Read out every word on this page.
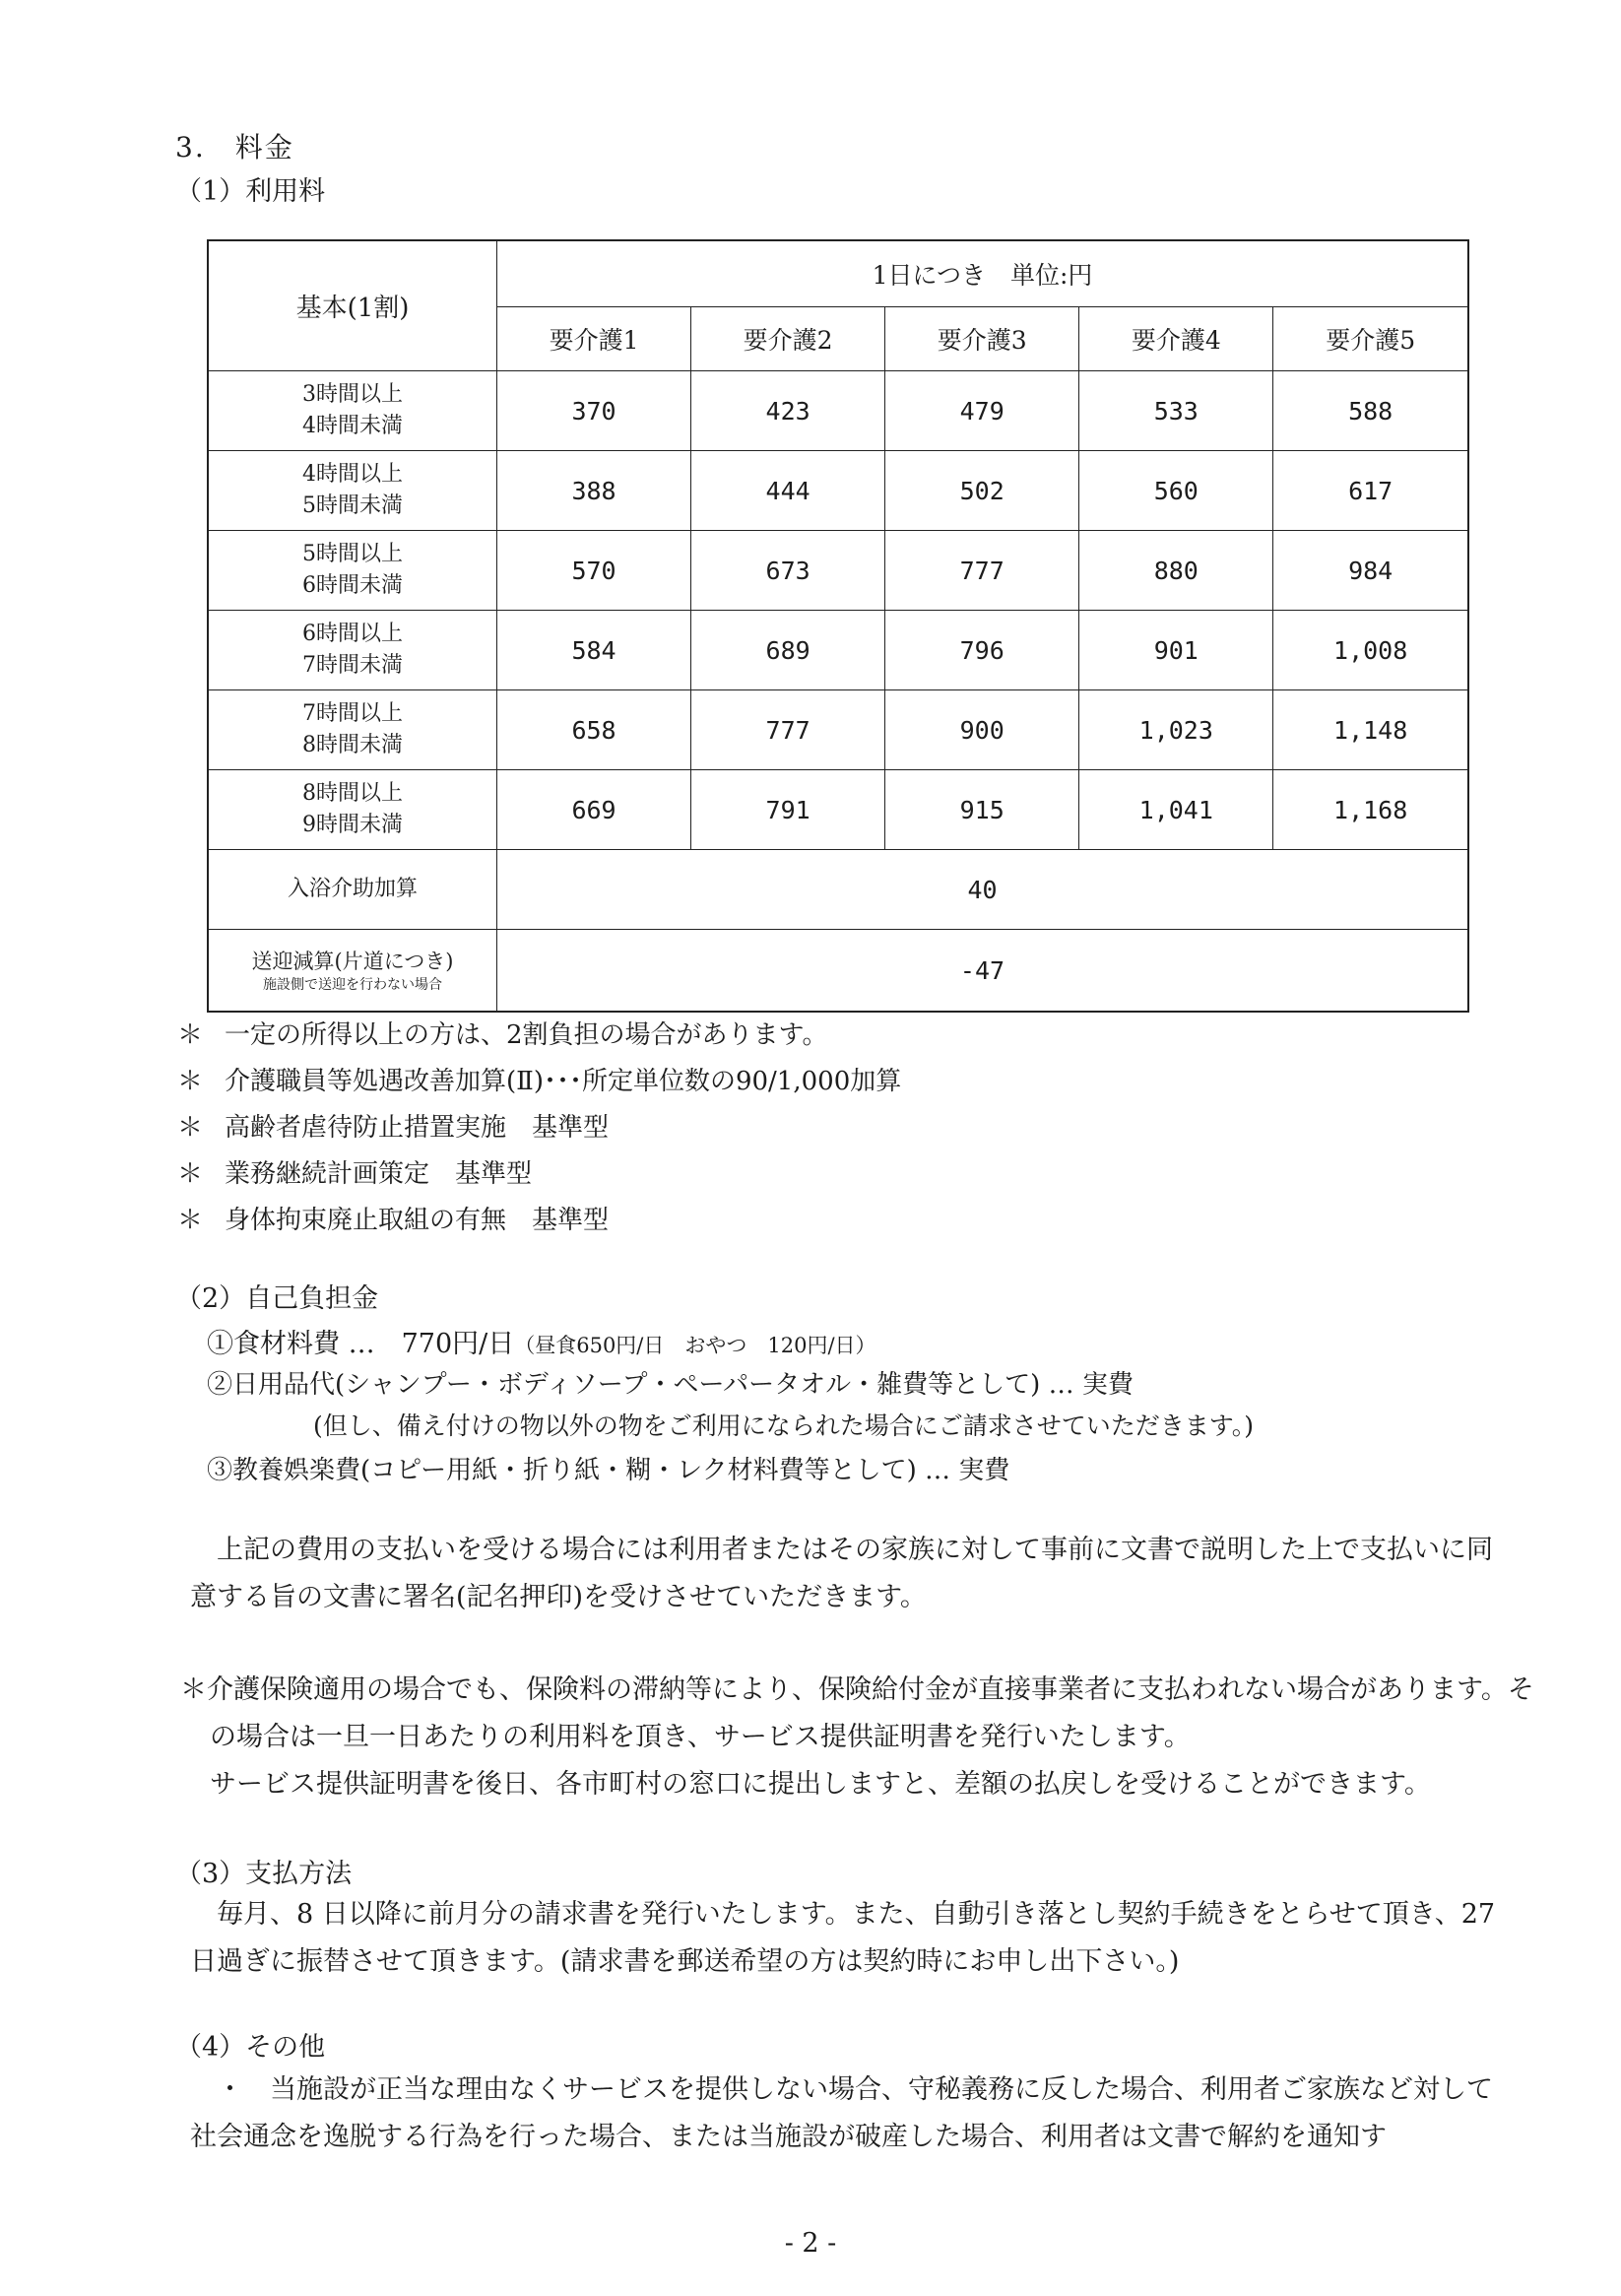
3.　料金
（1）利用料
基本(1割)	1日につき　単位:円				
	要介護1	要介護2	要介護3	要介護4	要介護5
3時間以上
4時間未満	370	423	479	533	588
4時間以上
5時間未満	388	444	502	560	617
5時間以上
6時間未満	570	673	777	880	984
6時間以上
7時間未満	584	689	796	901	1,008
7時間以上
8時間未満	658	777	900	1,023	1,148
8時間以上
9時間未満	669	791	915	1,041	1,168
入浴介助加算	40				

送迎減算(片道につき)
施設側で送迎を行わない場合	-47				
＊ 一定の所得以上の方は、2割負担の場合があります。
＊ 介護職員等処遇改善加算(Ⅱ)･･･所定単位数の90/1,000加算
＊ 高齢者虐待防止措置実施　基準型
＊ 業務継続計画策定　基準型
＊ 身体拘束廃止取組の有無　基準型
（2）自己負担金
①食材料費 …　770円/日（昼食650円/日　おやつ　120円/日）
②日用品代(シャンプー・ボディソープ・ペーパータオル・雑費等として) … 実費
(但し、備え付けの物以外の物をご利用になられた場合にご請求させていただきます。)
③教養娯楽費(コピー用紙・折り紙・糊・レク材料費等として) … 実費
上記の費用の支払いを受ける場合には利用者またはその家族に対して事前に文書で説明した上で支払いに同意する旨の文書に署名(記名押印)を受けさせていただきます。
＊介護保険適用の場合でも、保険料の滞納等により、保険給付金が直接事業者に支払われない場合があります。その場合は一旦一日あたりの利用料を頂き、サービス提供証明書を発行いたします。
サービス提供証明書を後日、各市町村の窓口に提出しますと、差額の払戻しを受けることができます。
（3）支払方法
毎月、8 日以降に前月分の請求書を発行いたします。また、自動引き落とし契約手続きをとらせて頂き、27日過ぎに振替させて頂きます。(請求書を郵送希望の方は契約時にお申し出下さい。)
（4）その他
・　当施設が正当な理由なくサービスを提供しない場合、守秘義務に反した場合、利用者ご家族など対して社会通念を逸脱する行為を行った場合、または当施設が破産した場合、利用者は文書で解約を通知す
- 2 -
